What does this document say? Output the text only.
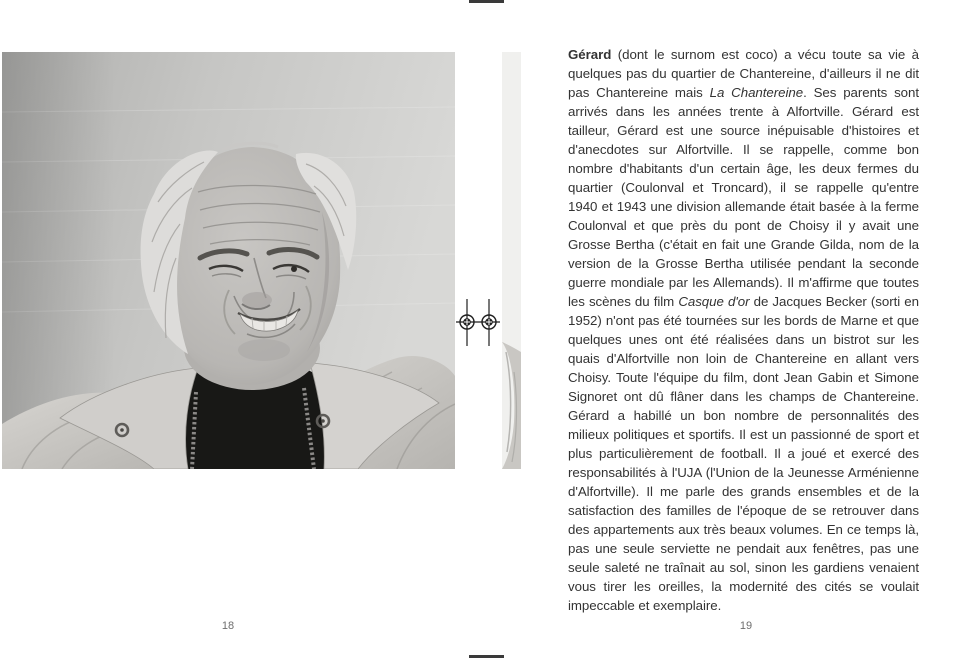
Gérard (dont le surnom est coco) a vécu toute sa vie à quelques pas du quartier de Chantereine, d'ailleurs il ne dit pas Chantereine mais La Chantereine. Ses parents sont arrivés dans les années trente à Alfortville. Gérard est tailleur, Gérard est une source inépuisable d'histoires et d'anecdotes sur Alfortville. Il se rappelle, comme bon nombre d'habitants d'un certain âge, les deux fermes du quartier (Coulonval et Troncard), il se rappelle qu'entre 1940 et 1943 une division allemande était basée à la ferme Coulonval et que près du pont de Choisy il y avait une Grosse Bertha (c'était en fait une Grande Gilda, nom de la version de la Grosse Bertha utilisée pendant la seconde guerre mondiale par les Allemands). Il m'affirme que toutes les scènes du film Casque d'or de Jacques Becker (sorti en 1952) n'ont pas été tournées sur les bords de Marne et que quelques unes ont été réalisées dans un bistrot sur les quais d'Alfortville non loin de Chantereine en allant vers Choisy. Toute l'équipe du film, dont Jean Gabin et Simone Signoret ont dû flâner dans les champs de Chantereine. Gérard a habillé un bon nombre de personnalités des milieux politiques et sportifs. Il est un passionné de sport et plus particulièrement de football. Il a joué et exercé des responsabilités à l'UJA (l'Union de la Jeunesse Arménienne d'Alfortville). Il me parle des grands ensembles et de la satisfaction des familles de l'époque de se retrouver dans des appartements aux très beaux volumes. En ce temps là, pas une seule serviette ne pendait aux fenêtres, pas une seule saleté ne traînait au sol, sinon les gardiens venaient vous tirer les oreilles, la modernité des cités se voulait impeccable et exemplaire.
18	19
